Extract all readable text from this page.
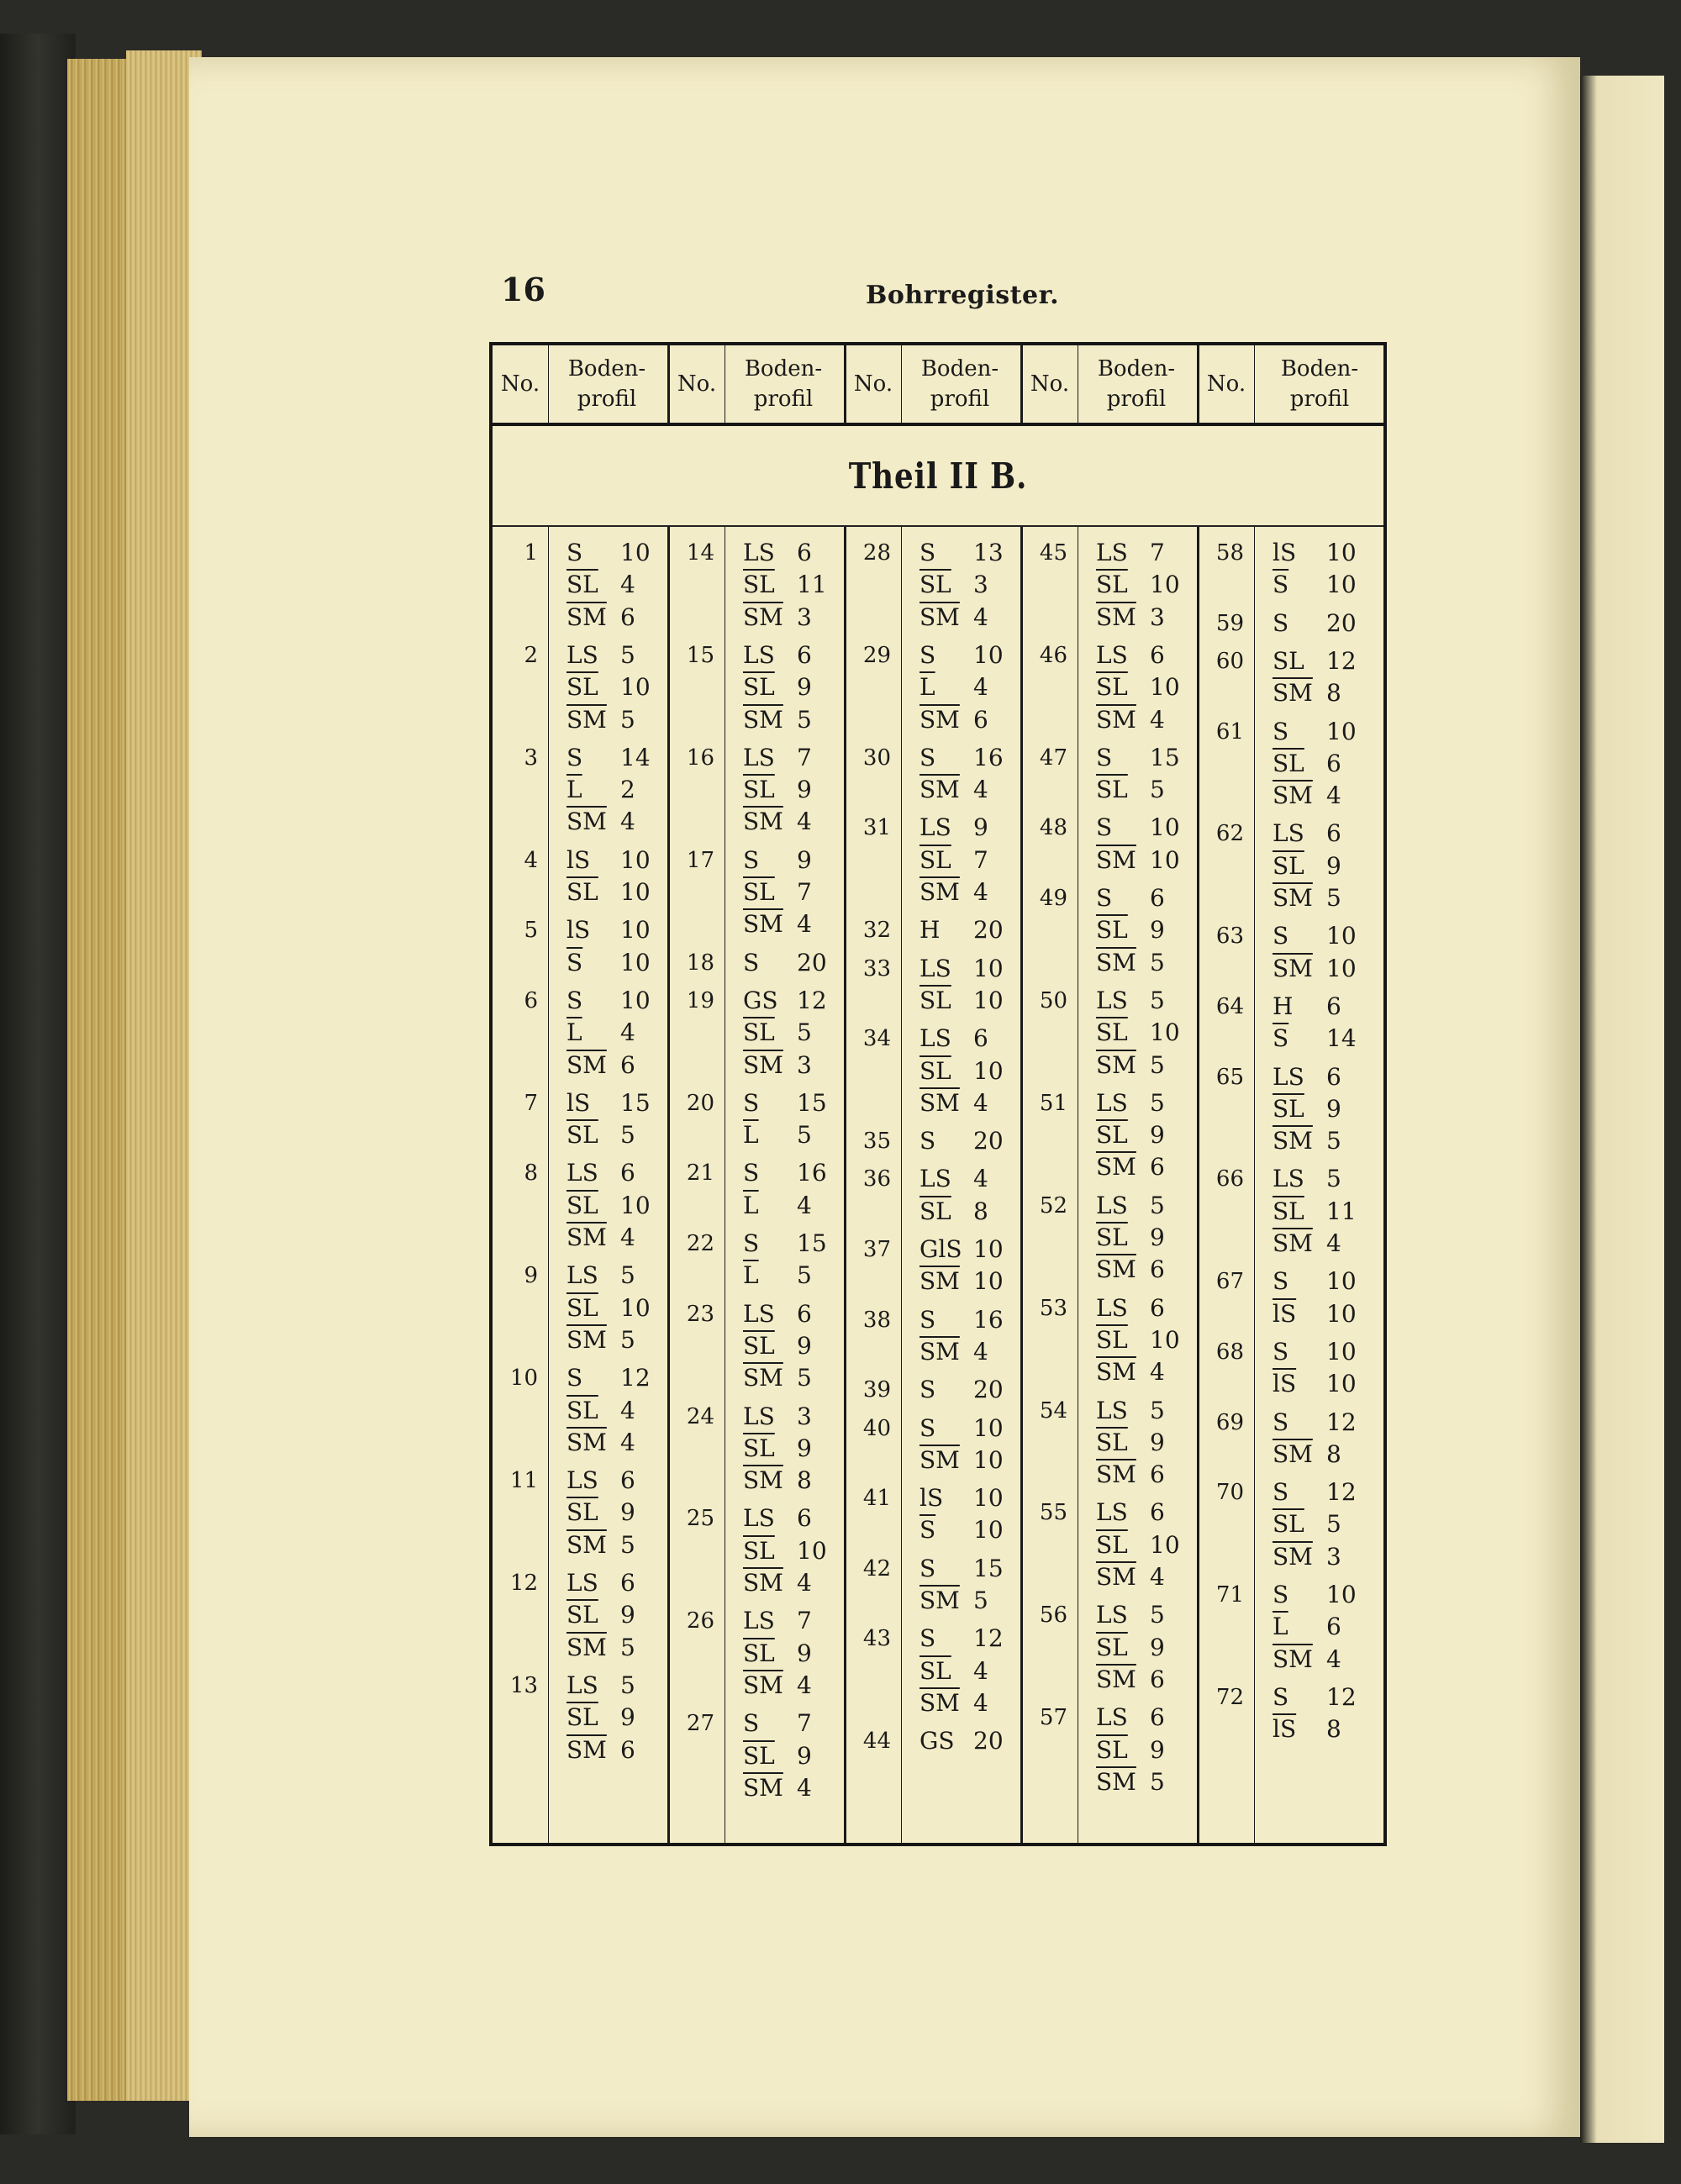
16	Bohrregister.
No.
Boden-
profil
No.
Boden-
profil
No.
Boden-
profil
No.
Boden-
profil
No.
Boden-
profil
Theil II B.
1 S 10
$\overline{SL}$ 4
$\overline{SM}$ 6
2 LS 5
$\overline{SL}$ 10
$\overline{SM}$ 5
3 S 14
$\overline{L}$ 2
$\overline{SM}$ 4
4 lS 10
$\overline{SL}$ 10
5 lS 10
$\overline{S}$ 10
6 S 10
$\overline{L}$ 4
$\overline{SM}$ 6
7 lS 15
$\overline{SL}$ 5
8 LS 6
$\overline{SL}$ 10
$\overline{SM}$ 4
9 LS 5
$\overline{SL}$ 10
$\overline{SM}$ 5
10 S 12
$\overline{SL}$ 4
$\overline{SM}$ 4
11 LS 6
$\overline{SL}$ 9
$\overline{SM}$ 5
12 LS 6
$\overline{SL}$ 9
$\overline{SM}$ 5
13 LS 5
$\overline{SL}$ 9
$\overline{SM}$ 6
14 LS 6
$\overline{SL}$ 11
$\overline{SM}$ 3
15 LS 6
$\overline{SL}$ 9
$\overline{SM}$ 5
16 LS 7
$\overline{SL}$ 9
$\overline{SM}$ 4
17 S 9
$\overline{SL}$ 7
$\overline{SM}$ 4
18 S 20
19 GS 12
$\overline{SL}$ 5
$\overline{SM}$ 3
20 S 15
$\overline{L}$ 5
21 S 16
$\overline{L}$ 4
22 S 15
$\overline{L}$ 5
23 LS 6
$\overline{SL}$ 9
$\overline{SM}$ 5
24 LS 3
$\overline{SL}$ 9
$\overline{SM}$ 8
25 LS 6
$\overline{SL}$ 10
$\overline{SM}$ 4
26 LS 7
$\overline{SL}$ 9
$\overline{SM}$ 4
27 S 7
$\overline{SL}$ 9
$\overline{SM}$ 4
28 S 13
$\overline{SL}$ 3
$\overline{SM}$ 4
29 S 10
$\overline{L}$ 4
$\overline{SM}$ 6
30 S 16
$\overline{SM}$ 4
31 LS 9
$\overline{SL}$ 7
$\overline{SM}$ 4
32 H 20
33 LS 10
$\overline{SL}$ 10
34 LS 6
$\overline{SL}$ 10
$\overline{SM}$ 4
35 S 20
36 LS 4
$\overline{SL}$ 8
37 GlS 10
$\overline{SM}$ 10
38 S 16
$\overline{SM}$ 4
39 S 20
40 S 10
$\overline{SM}$ 10
41 lS 10
$\overline{S}$ 10
42 S 15
$\overline{SM}$ 5
43 S 12
$\overline{SL}$ 4
$\overline{SM}$ 4
44 GS 20
45 LS 7
$\overline{SL}$ 10
$\overline{SM}$ 3
46 LS 6
$\overline{SL}$ 10
$\overline{SM}$ 4
47 S 15
$\overline{SL}$ 5
48 S 10
$\overline{SM}$ 10
49 S 6
$\overline{SL}$ 9
$\overline{SM}$ 5
50 LS 5
$\overline{SL}$ 10
$\overline{SM}$ 5
51 LS 5
$\overline{SL}$ 9
$\overline{SM}$ 6
52 LS 5
$\overline{SL}$ 9
$\overline{SM}$ 6
53 LS 6
$\overline{SL}$ 10
$\overline{SM}$ 4
54 LS 5
$\overline{SL}$ 9
$\overline{SM}$ 6
55 LS 6
$\overline{SL}$ 10
$\overline{SM}$ 4
56 LS 5
$\overline{SL}$ 9
$\overline{SM}$ 6
57 LS 6
$\overline{SL}$ 9
$\overline{SM}$ 5
58 lS 10
$\overline{S}$ 10
59 S 20
60 SL 12
$\overline{SM}$ 8
61 S 10
$\overline{SL}$ 6
$\overline{SM}$ 4
62 LS 6
$\overline{SL}$ 9
$\overline{SM}$ 5
63 S 10
$\overline{SM}$ 10
64 H 6
$\overline{S}$ 14
65 LS 6
$\overline{SL}$ 9
$\overline{SM}$ 5
66 LS 5
$\overline{SL}$ 11
$\overline{SM}$ 4
67 S 10
$\overline{lS}$ 10
68 S 10
$\overline{lS}$ 10
69 S 12
$\overline{SM}$ 8
70 S 12
$\overline{SL}$ 5
$\overline{SM}$ 3
71 S 10
$\overline{L}$ 6
$\overline{SM}$ 4
72 S 12
$\overline{lS}$ 8
